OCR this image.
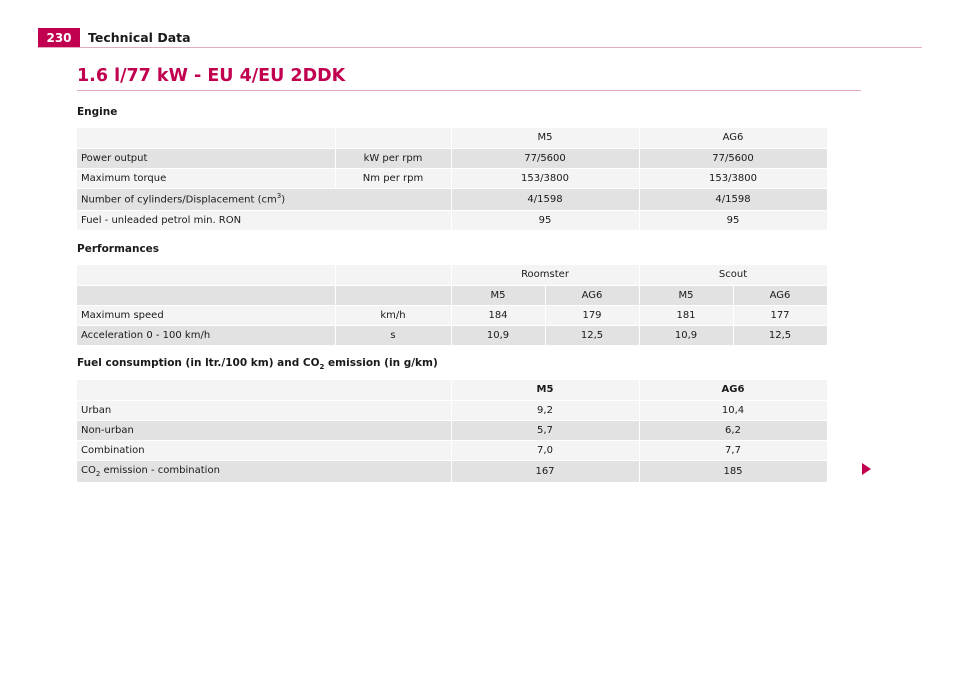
230	Technical Data
1.6 l/77 kW - EU 4/EU 2DDK
Engine
		M5	AG6
Power output	kW per rpm	77/5600	77/5600
Maximum torque	Nm per rpm	153/3800	153/3800
Number of cylinders/Displacement $(cm^3)$		4/1598	4/1598
Fuel - unleaded petrol min. RON		95	95
Performances
		Roomster		Scout	
		M5	AG6	M5	AG6
Maximum speed	km/h	184	179	181	177
Acceleration 0 - 100 km/h	s	10,9	12,5	10,9	12,5
Fuel consumption (in ltr./100 km) and $CO_2$ emission (in g/km)
	M5	AG6
Urban	9,2	10,4
Non-urban	5,7	6,2
Combination	7,0	7,7
$CO_2$ emission - combination	167	185
